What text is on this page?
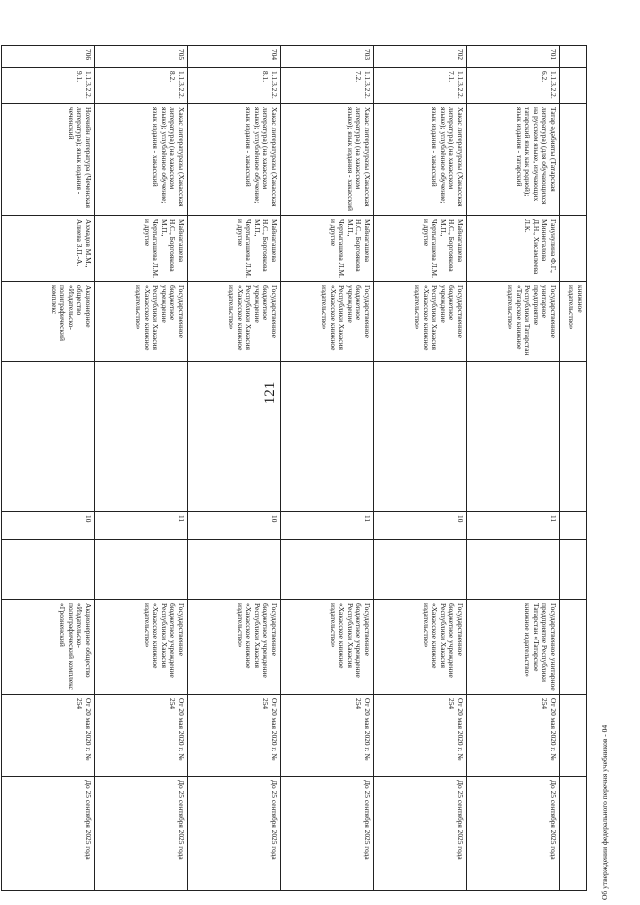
121
Об утверждении федерального перечня учебников - 04
				книжное издательство»						
701	1.1.3.2.2.6.2.	Татар әдәбияты (Татарская литература) (для обучающихся на русском языке, изучающих татарский язык как родной); язык издания - татарский	Гаиунулина Ф.Г., Миннегалова Д.Н., Хисамлеева Л.К.	Государственное унитарное предприятие Республики Татарстан «Татарское книжное издательство»		11		Государственное унитарное предприятие Республики Татарстан «Татарское книжное издательство»	От 20 мая 2020 г. № 254	До 25 сентября 2025 года
702	1.1.3.2.2.7.1.	Хакас литературазы (Хакасская литература) (на хакасском языке); углублённое обучение; язык издания - хакасский	Майнагашева Н.С., Боргоякова М.П., Чертыгашева Л.М. и другие	Государственное бюджетное учреждение Республики Хакасия «Хакасское книжное издательство»		10		Государственное бюджетное учреждение Республики Хакасия «Хакасское книжное издательство»	От 20 мая 2020 г. № 254	До 25 сентября 2025 года
703	1.1.3.2.2.7.2.	Хакас литературазы (Хакасская литература) (на хакасском языке); язык издания - хакасский	Майнагашева Н.С., Боргоякова М.П., Чертыгашева Л.М. и другие	Государственное бюджетное учреждение Республики Хакасия «Хакасское книжное издательство»		11		Государственное бюджетное учреждение Республики Хакасия «Хакасское книжное издательство»	От 20 мая 2020 г. № 254	До 25 сентября 2025 года
704	1.1.3.2.2.8.1.	Хакас литературазы (Хакасская литература) (на хакасском языке); углублённое обучение; язык издания - хакасский	Майнагашева Н.С., Боргоякова М.П., Чертыгашева Л.М. и другие	Государственное бюджетное учреждение Республики Хакасия «Хакасское книжное издательство»		10		Государственное бюджетное учреждение Республики Хакасия «Хакасское книжное издательство»	От 20 мая 2020 г. № 254	До 25 сентября 2025 года
705	1.1.3.2.2.8.2.	Хакас литературазы (Хакасская литература) (на хакасском языке); углублённое обучение; язык издания - хакасский	Майнагашева Н.С., Боргоякова М.П., Чертыгашева Л.М. и другие	Государственное бюджетное учреждение Республики Хакасия «Хакасское книжное издательство»		11		Государственное бюджетное учреждение Республики Хакасия «Хакасское книжное издательство»	От 20 мая 2020 г. № 254	До 25 сентября 2025 года
706	1.1.3.2.2.9.1.	Нохчийн литература (Чеченская литература); язык издания - чеченский	Ахмадов М.М., Алиева З.П.-А.	Акционерное общество «Издательско-полиграфический комплекс		10		Акционерное общество «Издательско-полиграфический комплекс «Грозненский	От 20 мая 2020 г. № 254	До 25 сентября 2025 года
